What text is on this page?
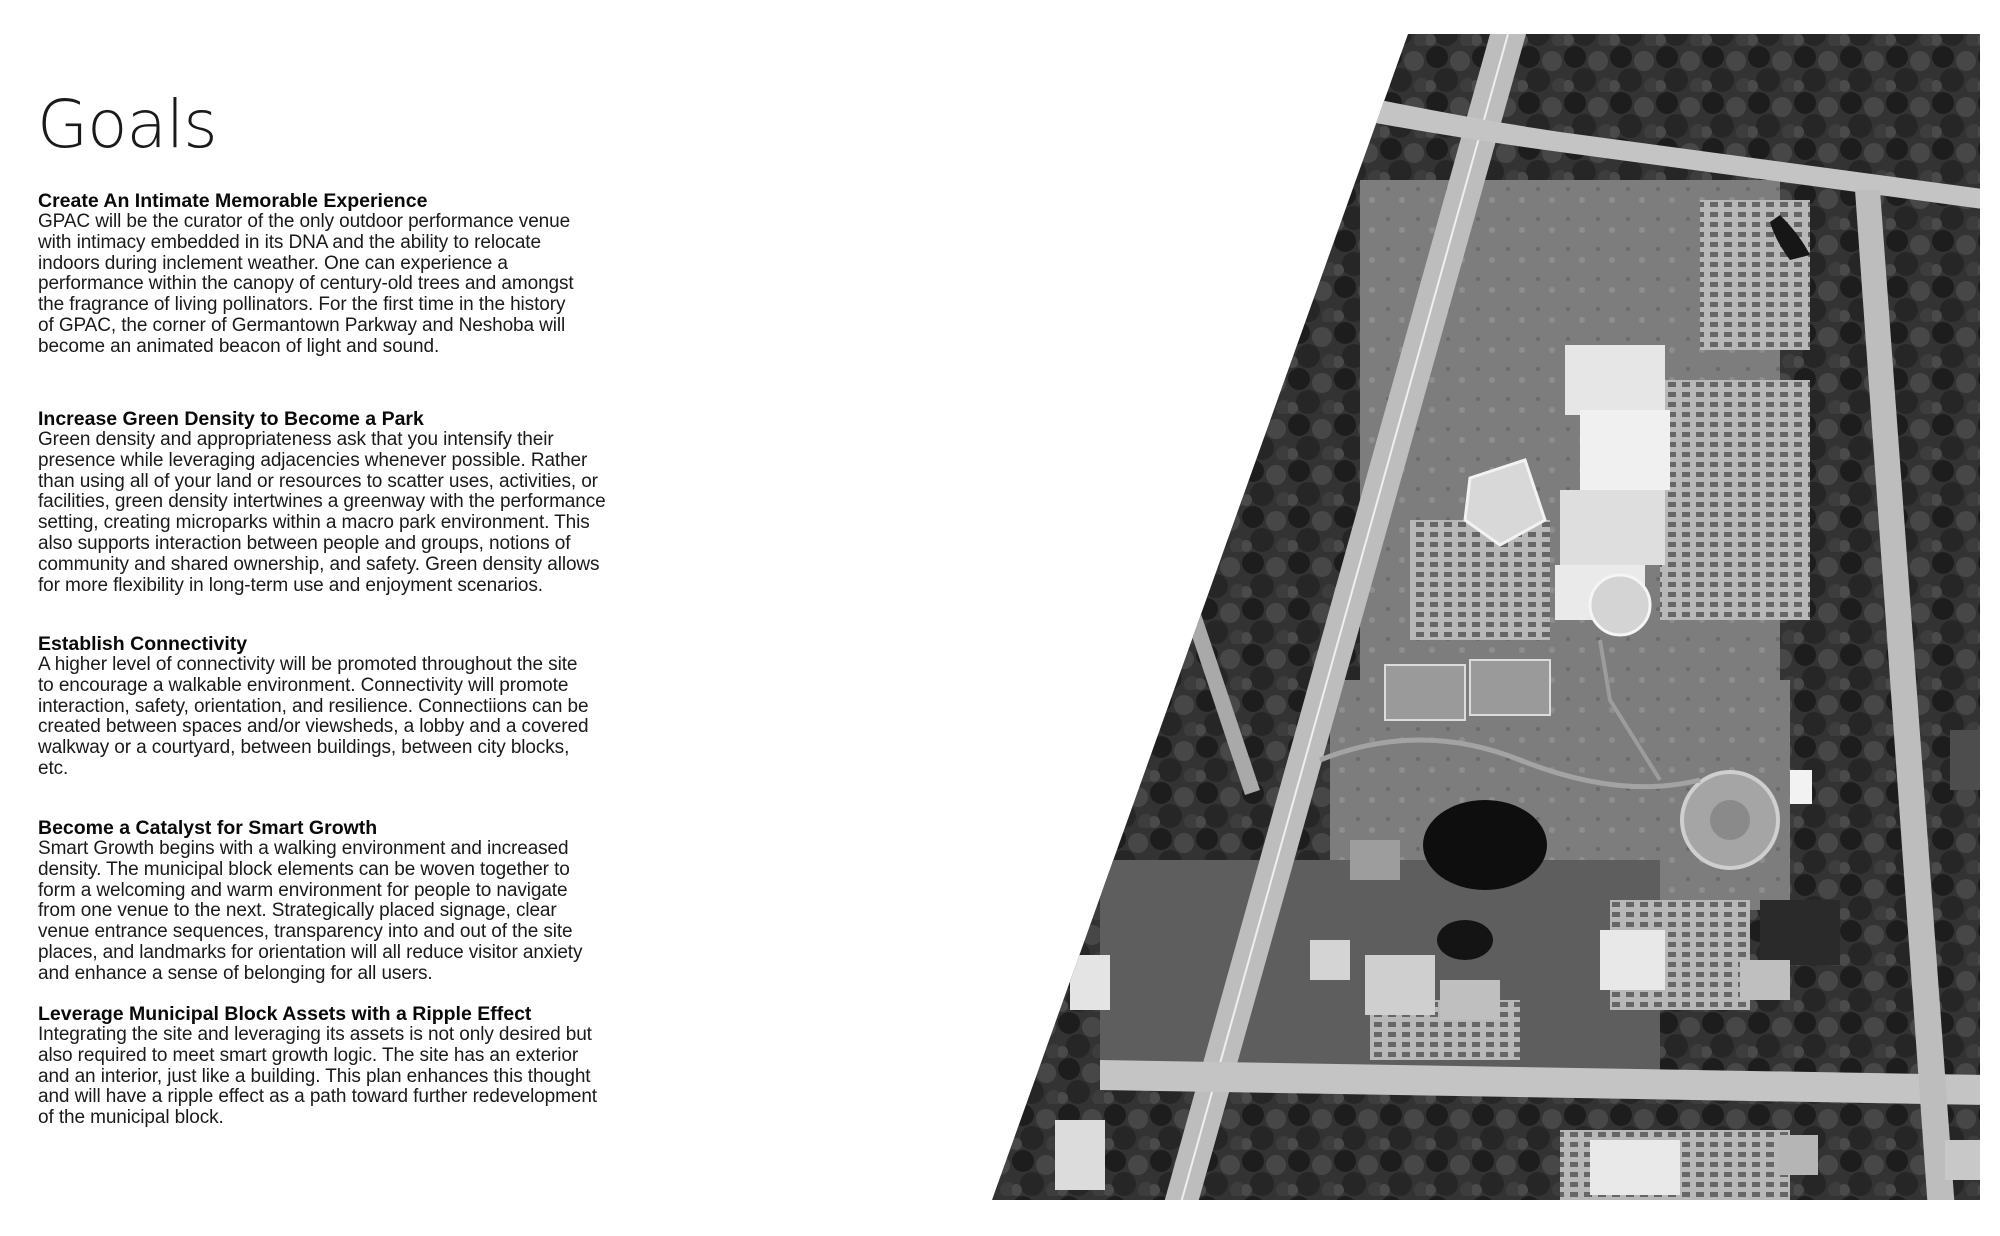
Goals
Create An Intimate Memorable Experience

GPAC will be the curator of the only outdoor performance venue
with intimacy embedded in its DNA and the ability to relocate
indoors during inclement weather. One can experience a
performance within the canopy of century-old trees and amongst
the fragrance of living pollinators. For the first time in the history
of GPAC, the corner of Germantown Parkway and Neshoba will
become an animated beacon of light and sound.

Increase Green Density to Become a Park

Green density and appropriateness ask that you intensify their
presence while leveraging adjacencies whenever possible. Rather
than using all of your land or resources to scatter uses, activities, or
facilities, green density intertwines a greenway with the performance
setting, creating microparks within a macro park environment. This
also supports interaction between people and groups, notions of
community and shared ownership, and safety. Green density allows
for more flexibility in long-term use and enjoyment scenarios.

Establish Connectivity

A higher level of connectivity will be promoted throughout the site
to encourage a walkable environment. Connectivity will promote
interaction, safety, orientation, and resilience. Connectiions can be
created between spaces and/or viewsheds, a lobby and a covered
walkway or a courtyard, between buildings, between city blocks,
etc.

Become a Catalyst for Smart Growth

Smart Growth begins with a walking environment and increased
density. The municipal block elements can be woven together to
form a welcoming and warm environment for people to navigate
from one venue to the next. Strategically placed signage, clear
venue entrance sequences, transparency into and out of the site
places, and landmarks for orientation will all reduce visitor anxiety
and enhance a sense of belonging for all users.

Leverage Municipal Block Assets with a Ripple Effect

Integrating the site and leveraging its assets is not only desired but
also required to meet smart growth logic. The site has an exterior
and an interior, just like a building. This plan enhances this thought
and will have a ripple effect as a path toward further redevelopment
of the municipal block.
